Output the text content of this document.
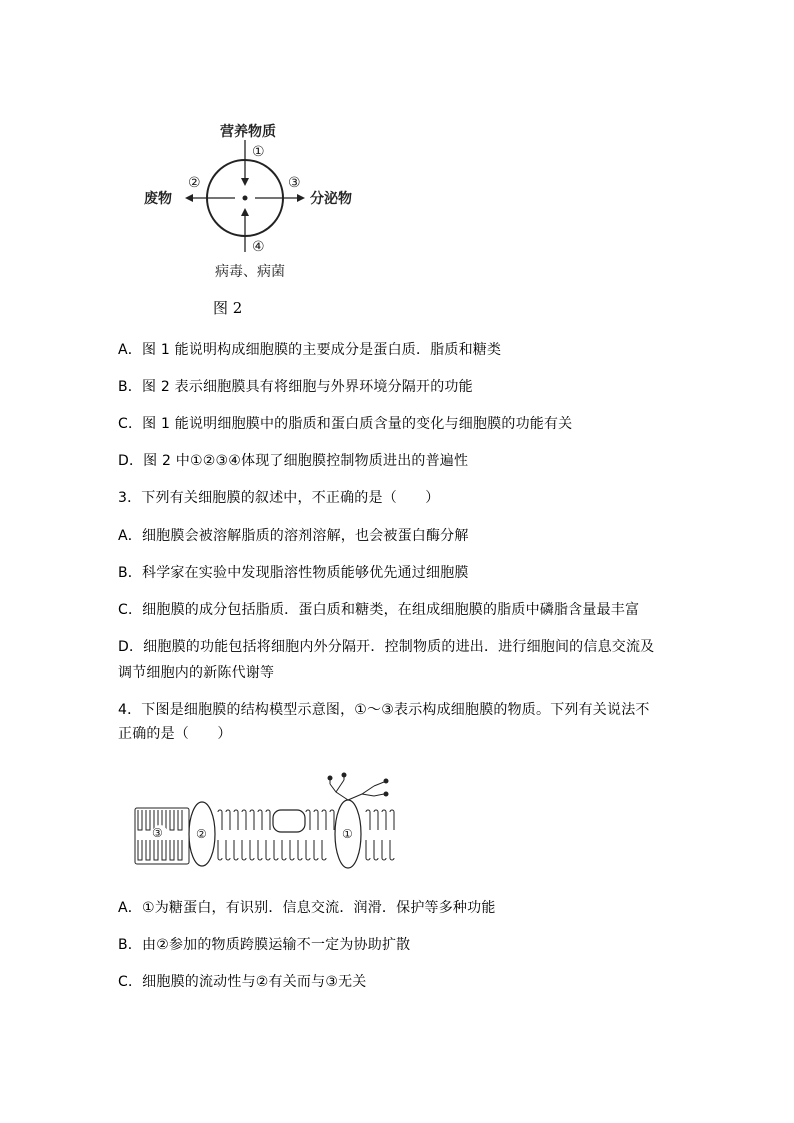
营养物质
①
废物
②
分泌物
③
④
病毒、病菌
图 2
A．图 1 能说明构成细胞膜的主要成分是蛋白质．脂质和糖类
B．图 2 表示细胞膜具有将细胞与外界环境分隔开的功能
C．图 1 能说明细胞膜中的脂质和蛋白质含量的变化与细胞膜的功能有关
D．图 2 中①②③④体现了细胞膜控制物质进出的普遍性
3．下列有关细胞膜的叙述中，不正确的是（　　）
A．细胞膜会被溶解脂质的溶剂溶解，也会被蛋白酶分解
B．科学家在实验中发现脂溶性物质能够优先通过细胞膜
C．细胞膜的成分包括脂质．蛋白质和糖类，在组成细胞膜的脂质中磷脂含量最丰富
D．细胞膜的功能包括将细胞内外分隔开．控制物质的进出．进行细胞间的信息交流及
调节细胞内的新陈代谢等
4．下图是细胞膜的结构模型示意图，①～③表示构成细胞膜的物质。下列有关说法不
正确的是（　　）
②	①
③
A．①为糖蛋白，有识别．信息交流．润滑．保护等多种功能
B．由②参加的物质跨膜运输不一定为协助扩散
C．细胞膜的流动性与②有关而与③无关
